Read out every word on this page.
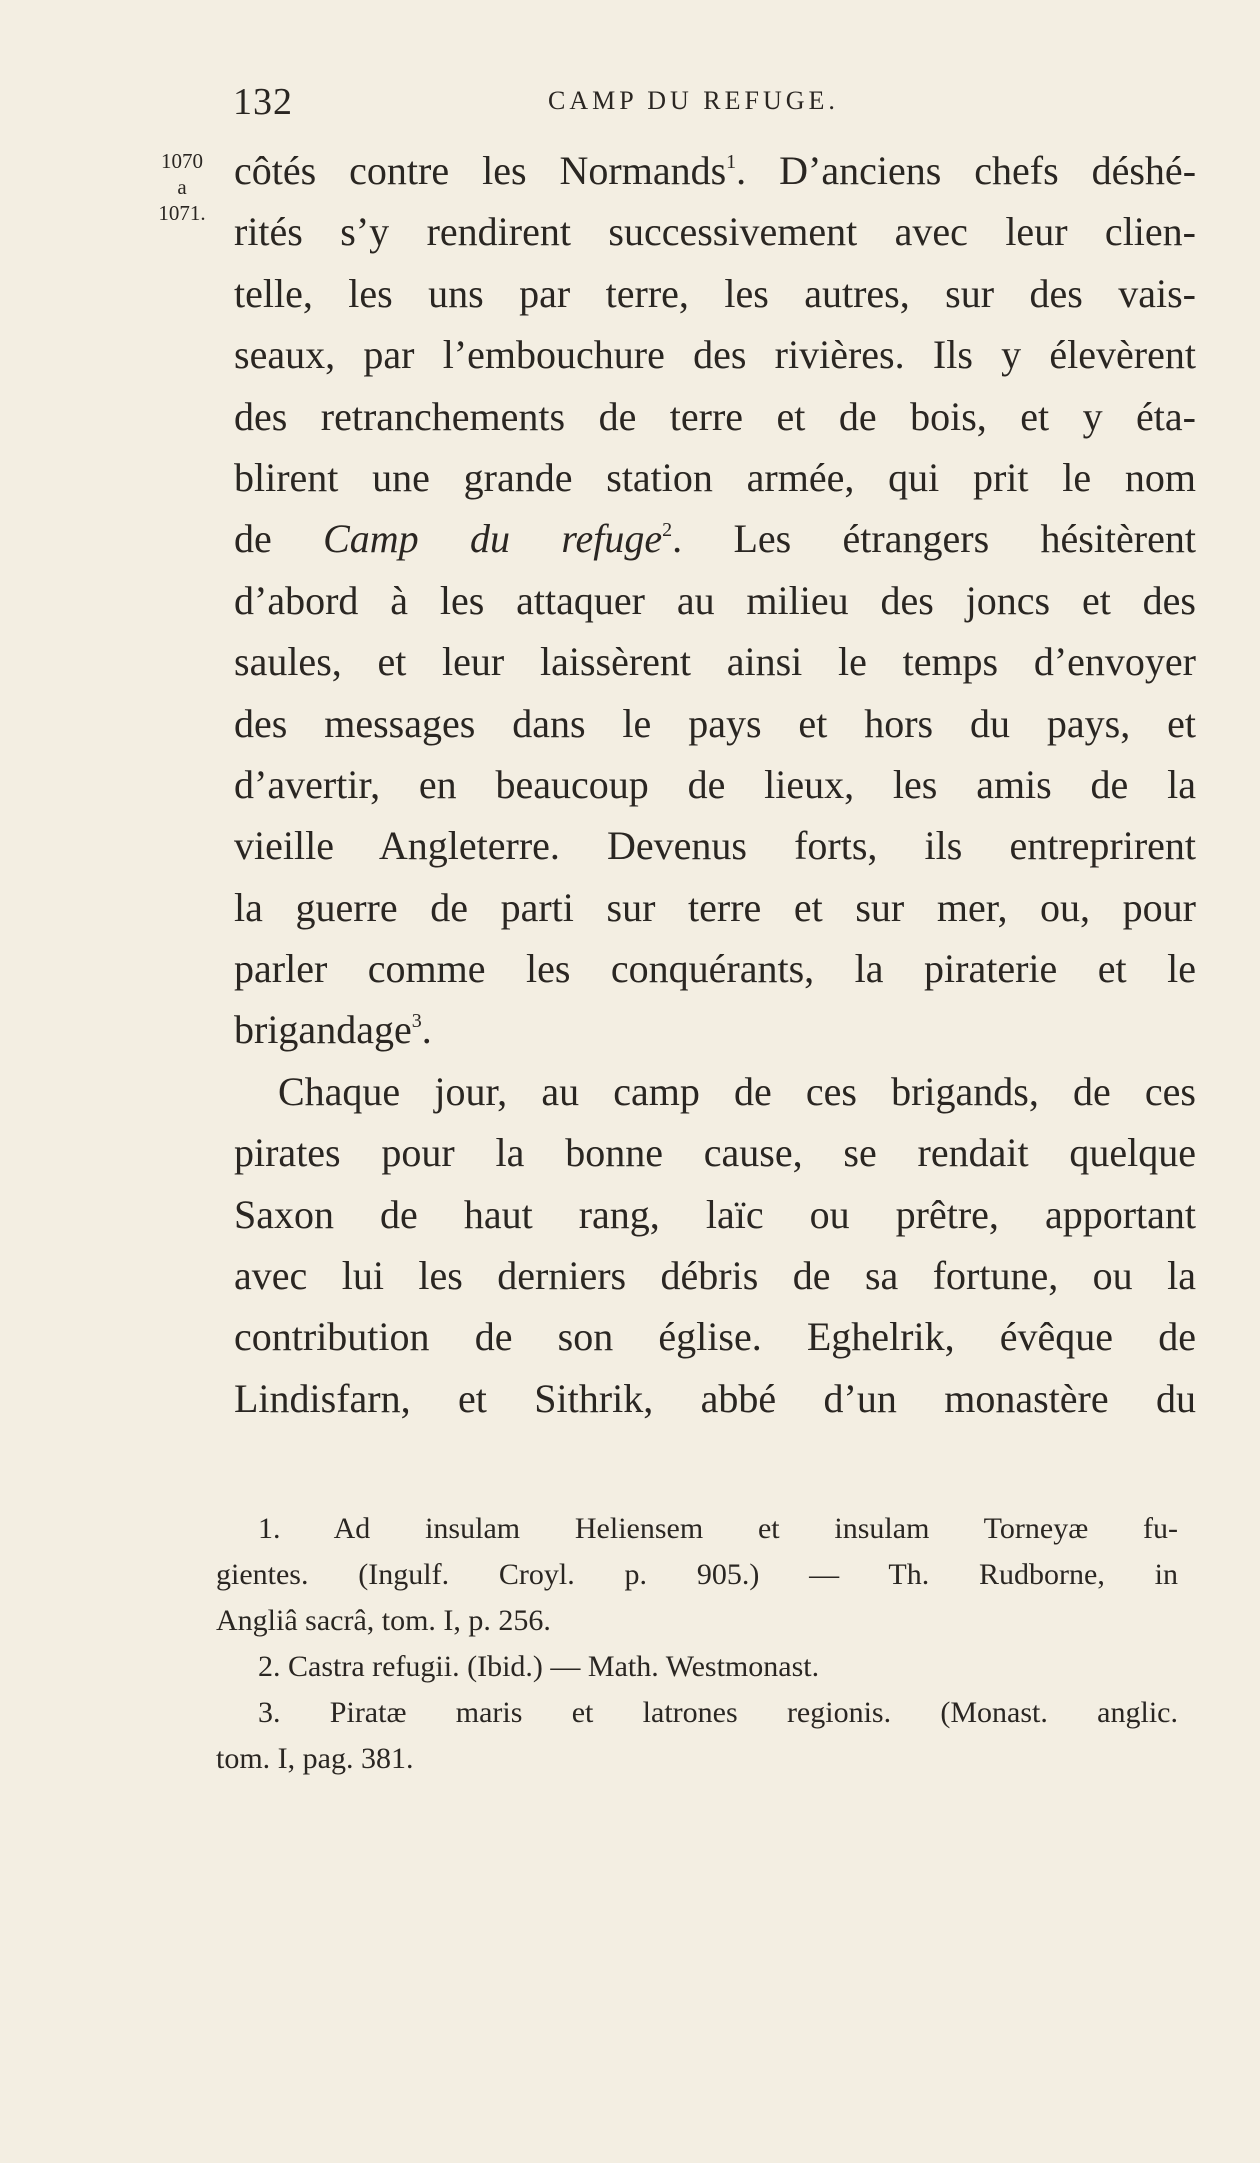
132	CAMP DU REFUGE.
1070
a
1071.
côtés contre les Normands$^1$. D’anciens chefs déshé-
rités s’y rendirent successivement avec leur clien-
telle, les uns par terre, les autres, sur des vais-
seaux, par l’embouchure des rivières. Ils y élevèrent
des retranchements de terre et de bois, et y éta-
blirent une grande station armée, qui prit le nom
de Camp du refuge$^2$. Les étrangers hésitèrent
d’abord à les attaquer au milieu des joncs et des
saules, et leur laissèrent ainsi le temps d’envoyer
des messages dans le pays et hors du pays, et
d’avertir, en beaucoup de lieux, les amis de la
vieille Angleterre. Devenus forts, ils entreprirent
la guerre de parti sur terre et sur mer, ou, pour
parler comme les conquérants, la piraterie et le
brigandage$^3$.
Chaque jour, au camp de ces brigands, de ces
pirates pour la bonne cause, se rendait quelque
Saxon de haut rang, laïc ou prêtre, apportant
avec lui les derniers débris de sa fortune, ou la
contribution de son église. Eghelrik, évêque de
Lindisfarn, et Sithrik, abbé d’un monastère du
1. Ad insulam Heliensem et insulam Torneyæ fu-
gientes. (Ingulf. Croyl. p. 905.) — Th. Rudborne, in
Angliâ sacrâ, tom. I, p. 256.
2. Castra refugii. (Ibid.) — Math. Westmonast.
3. Piratæ maris et latrones regionis. (Monast. anglic.
tom. I, pag. 381.
